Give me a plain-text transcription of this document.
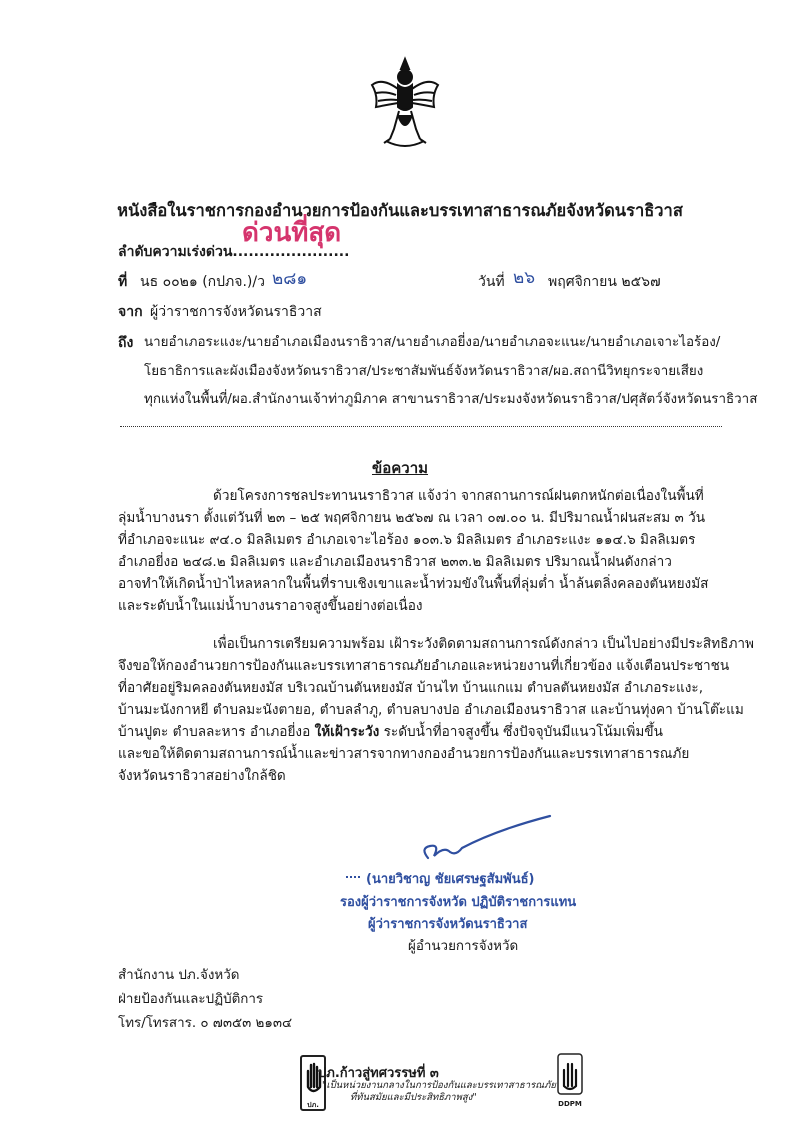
หนังสือในราชการกองอำนวยการป้องกันและบรรเทาสาธารณภัยจังหวัดนราธิวาส
ลำดับความเร่งด่วน......................
ด่วนที่สุด
ที่ นธ ๐๐๒๑ (กปภจ.)/ว ๒๘๑	วันที่ ๒๖ พฤศจิกายน ๒๕๖๗
จาก ผู้ว่าราชการจังหวัดนราธิวาส
ถึง นายอำเภอระแงะ/นายอำเภอเมืองนราธิวาส/นายอำเภอยี่งอ/นายอำเภอจะแนะ/นายอำเภอเจาะไอร้อง/
โยธาธิการและผังเมืองจังหวัดนราธิวาส/ประชาสัมพันธ์จังหวัดนราธิวาส/ผอ.สถานีวิทยุกระจายเสียง
ทุกแห่งในพื้นที่/ผอ.สำนักงานเจ้าท่าภูมิภาค สาขานราธิวาส/ประมงจังหวัดนราธิวาส/ปศุสัตว์จังหวัดนราธิวาส
ข้อความ
ด้วยโครงการชลประทานนราธิวาส แจ้งว่า จากสถานการณ์ฝนตกหนักต่อเนื่องในพื้นที่
ลุ่มน้ำบางนรา ตั้งแต่วันที่ ๒๓ – ๒๕ พฤศจิกายน ๒๕๖๗ ณ เวลา ๐๗.๐๐ น. มีปริมาณน้ำฝนสะสม ๓ วัน
ที่อำเภอจะแนะ ๙๔.๐ มิลลิเมตร อำเภอเจาะไอร้อง ๑๐๓.๖ มิลลิเมตร อำเภอระแงะ ๑๑๔.๖ มิลลิเมตร
อำเภอยี่งอ ๒๔๘.๒ มิลลิเมตร และอำเภอเมืองนราธิวาส ๒๓๓.๒ มิลลิเมตร ปริมาณน้ำฝนดังกล่าว
อาจทำให้เกิดน้ำป่าไหลหลากในพื้นที่ราบเชิงเขาและน้ำท่วมขังในพื้นที่ลุ่มต่ำ น้ำล้นตลิ่งคลองตันหยงมัส
และระดับน้ำในแม่น้ำบางนราอาจสูงขึ้นอย่างต่อเนื่อง
เพื่อเป็นการเตรียมความพร้อม เฝ้าระวังติดตามสถานการณ์ดังกล่าว เป็นไปอย่างมีประสิทธิภาพ
จึงขอให้กองอำนวยการป้องกันและบรรเทาสาธารณภัยอำเภอและหน่วยงานที่เกี่ยวข้อง แจ้งเตือนประชาชน
ที่อาศัยอยู่ริมคลองตันหยงมัส บริเวณบ้านตันหยงมัส บ้านไท บ้านแกแม ตำบลตันหยงมัส อำเภอระแงะ,
บ้านมะนังกาหยี ตำบลมะนังตายอ, ตำบลลำภู, ตำบลบางปอ อำเภอเมืองนราธิวาส และบ้านทุ่งคา บ้านโต๊ะแม
บ้านปูตะ ตำบลละหาร อำเภอยี่งอ ให้เฝ้าระวัง ระดับน้ำที่อาจสูงขึ้น ซึ่งปัจจุบันมีแนวโน้มเพิ่มขึ้น
และขอให้ติดตามสถานการณ์น้ำและข่าวสารจากทางกองอำนวยการป้องกันและบรรเทาสาธารณภัย
จังหวัดนราธิวาสอย่างใกล้ชิด
(นายวิชาญ ชัยเศรษฐสัมพันธ์)
รองผู้ว่าราชการจังหวัด ปฏิบัติราชการแทน
ผู้ว่าราชการจังหวัดนราธิวาส
ผู้อำนวยการจังหวัด
สำนักงาน ปภ.จังหวัด
ฝ่ายป้องกันและปฏิบัติการ
โทร/โทรสาร. ๐ ๗๓๕๓ ๒๑๓๔
ปภ.
ปภ.ก้าวสู่ทศวรรษที่ ๓
"เป็นหน่วยงานกลางในการป้องกันและบรรเทาสาธารณภัย
ที่ทันสมัยและมีประสิทธิภาพสูง"
DDPM
